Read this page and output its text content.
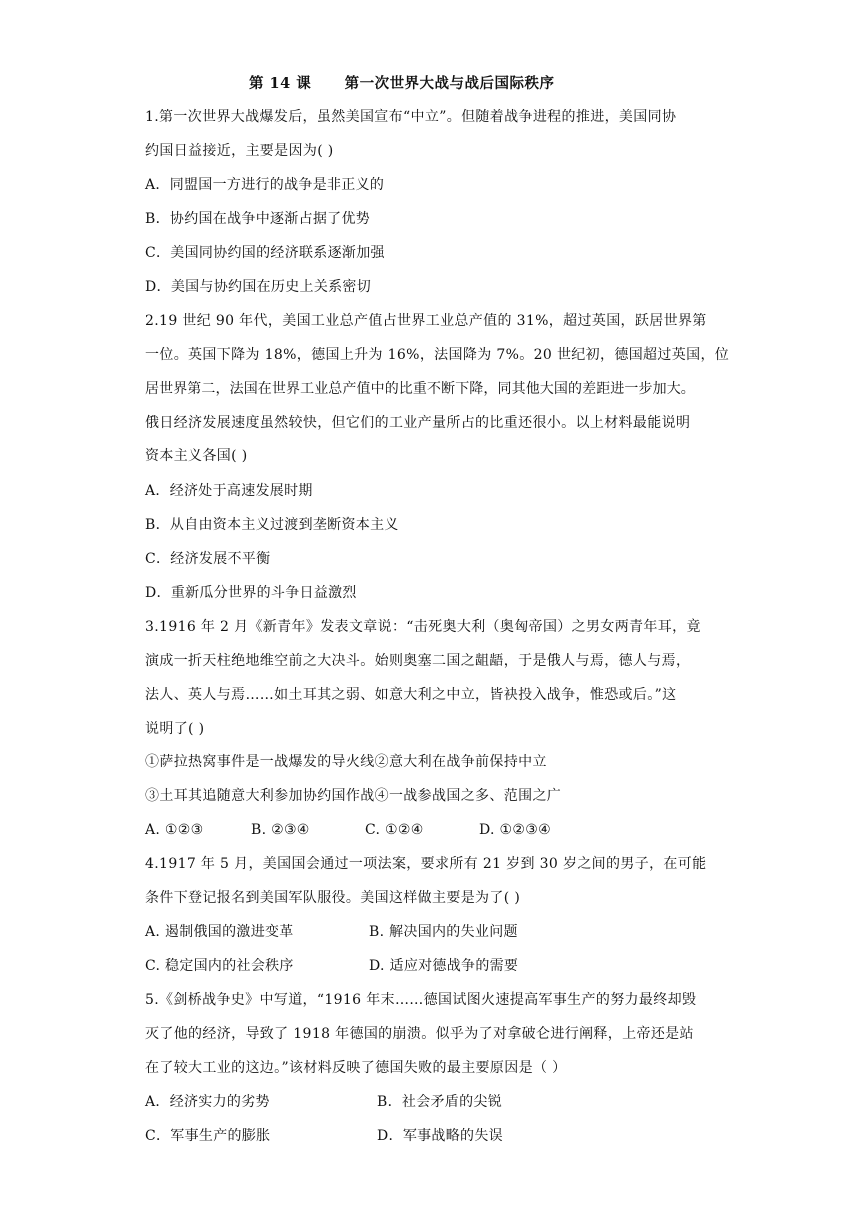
第 14 课      第一次世界大战与战后国际秩序
1.第一次世界大战爆发后，虽然美国宣布“中立”。但随着战争进程的推进，美国同协
约国日益接近，主要是因为( )
A．同盟国一方进行的战争是非正义的
B．协约国在战争中逐渐占据了优势
C．美国同协约国的经济联系逐渐加强
D．美国与协约国在历史上关系密切
2.19 世纪 90 年代，美国工业总产值占世界工业总产值的 31%，超过英国，跃居世界第
一位。英国下降为 18%，德国上升为 16%，法国降为 7%。20 世纪初，德国超过英国，位
居世界第二，法国在世界工业总产值中的比重不断下降，同其他大国的差距进一步加大。
俄日经济发展速度虽然较快，但它们的工业产量所占的比重还很小。以上材料最能说明
资本主义各国( )
A．经济处于高速发展时期
B．从自由资本主义过渡到垄断资本主义
C．经济发展不平衡
D．重新瓜分世界的斗争日益激烈
3.1916 年 2 月《新青年》发表文章说：“击死奥大利（奥匈帝国）之男女两青年耳，竟
演成一折天柱绝地维空前之大决斗。始则奥塞二国之龃龉，于是俄人与焉，德人与焉，
法人、英人与焉……如土耳其之弱、如意大利之中立，皆袂投入战争，惟恐或后。”这
说明了( )
①萨拉热窝事件是一战爆发的导火线②意大利在战争前保持中立
③土耳其追随意大利参加协约国作战④一战参战国之多、范围之广
A. ①②③	B. ②③④	C. ①②④	D. ①②③④
4.1917 年 5 月，美国国会通过一项法案，要求所有 21 岁到 30 岁之间的男子，在可能
条件下登记报名到美国军队服役。美国这样做主要是为了( )
A. 遏制俄国的激进变革	B. 解决国内的失业问题
C. 稳定国内的社会秩序	D. 适应对德战争的需要
5.《剑桥战争史》中写道，“1916 年末……德国试图火速提高军事生产的努力最终却毁
灭了他的经济，导致了 1918 年德国的崩溃。似乎为了对拿破仑进行阐释，上帝还是站
在了较大工业的这边。”该材料反映了德国失败的最主要原因是（ ）
A．经济实力的劣势	B．社会矛盾的尖锐
C．军事生产的膨胀	D．军事战略的失误
